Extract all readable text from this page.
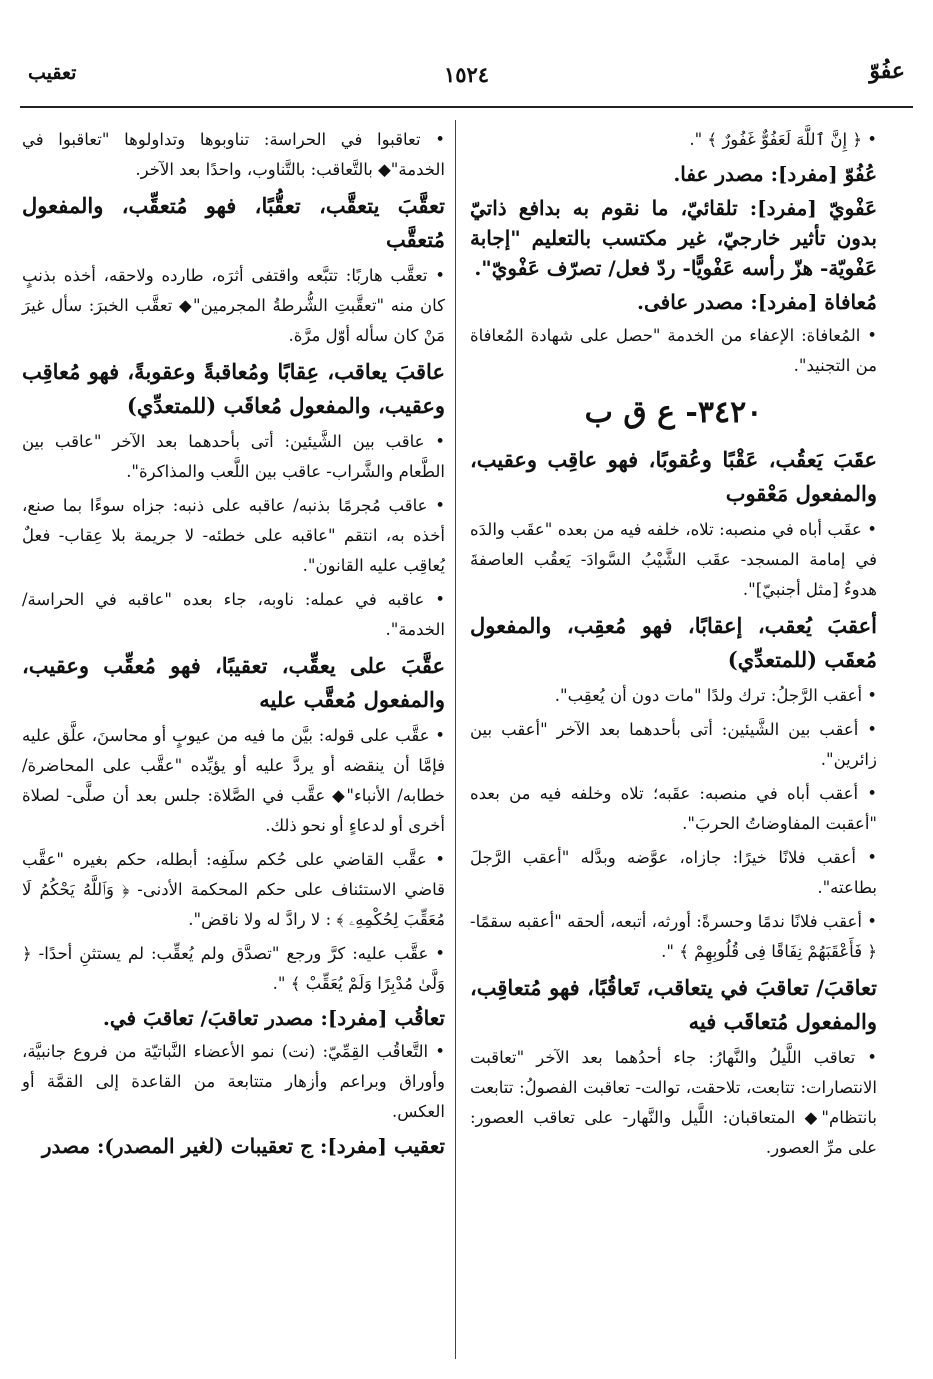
عفُوّ
١٥٢٤
تعقيب

• ﴿ إِنَّ ٱللَّهَ لَعَفُوٌّ غَفُورٌ ﴾ ".

عُفُوّ [مفرد]: مصدر عفا.

عَفْويّ [مفرد]: تلقائيّ، ما نقوم به بدافع ذاتيّ بدون تأثير خارجيّ، غير مكتسب بالتعليم "إجابة عَفْويّة- هزّ رأسه عَفْويًّا- ردّ فعل/ تصرّف عَفْويّ".

مُعافاة [مفرد]: مصدر عافى.

• المُعافاة: الإعفاء من الخدمة "حصل على شهادة المُعافاة من التجنيد".

٣٤٢٠- ع ق ب

عقَبَ يَعقُب، عَقْبًا وعُقوبًا، فهو عاقِب وعقيب، والمفعول مَعْقوب

• عقَب أباه في منصبه: تلاه، خلفه فيه من بعده "عقَب والدَه في إمامة المسجد- عقَب الشَّيْبُ السَّوادَ- يَعقُب العاصفةَ هدوءٌ [مثل أجنبيّ]".

أعقبَ يُعقب، إعقابًا، فهو مُعقِب، والمفعول مُعقَب (للمتعدِّي)

• أعقب الرَّجلُ: ترك ولدًا "مات دون أن يُعقِب".

• أعقب بين الشَّيئين: أتى بأحدهما بعد الآخر "أعقب بين زائرين".

• أعقب أباه في منصبه: عقَبه؛ تلاه وخلفه فيه من بعده "أعقبت المفاوضاتُ الحربَ".

• أعقب فلانًا خيرًا: جازاه، عوَّضه وبدَّله "أعقب الرَّجلَ بطاعته".

• أعقب فلانًا ندمًا وحسرةً: أورثه، أتبعه، ألحقه "أعقبه سقمًا- ﴿ فَأَعْقَبَهُمْ نِفَاقًا فِى قُلُوبِهِمْ ﴾ ".

تعاقبَ/ تعاقبَ في يتعاقب، تَعاقُبًا، فهو مُتعاقِب، والمفعول مُتعاقَب فيه

• تعاقب اللَّيلُ والنَّهارُ: جاء أحدُهما بعد الآخر "تعاقبت الانتصارات: تتابعت، تلاحقت، توالت- تعاقبت الفصولُ: تتابعت بانتظام"◆ المتعاقبان: اللَّيل والنَّهار- على تعاقب العصور: على مرِّ العصور.

• تعاقبوا في الحراسة: تناوبوها وتداولوها "تعاقبوا في الخدمة"◆ بالتَّعاقب: بالتَّناوب، واحدًا بعد الآخر.

تعقَّبَ يتعقَّب، تعقُّبًا، فهو مُتعقِّب، والمفعول مُتعقَّب

• تعقَّب هاربًا: تتبَّعه واقتفى أثرَه، طارده ولاحقه، أخذه بذنبٍ كان منه "تعقَّبتِ الشُّرطةُ المجرمين"◆ تعقَّب الخبرَ: سأل غيرَ مَنْ كان سأله أوّل مرَّة.

عاقبَ يعاقب، عِقابًا ومُعاقبةً وعقوبةً، فهو مُعاقِب وعقيب، والمفعول مُعاقَب (للمتعدِّي)

• عاقب بين الشَّيئين: أتى بأحدهما بعد الآخر "عاقب بين الطَّعام والشَّراب- عاقب بين اللَّعب والمذاكرة".

• عاقب مُجرمًا بذنبه/ عاقبه على ذنبه: جزاه سوءًا بما صنع، أخذه به، انتقم "عاقبه على خطئه- لا جريمة بلا عِقاب- فعلٌ يُعاقِب عليه القانون".

• عاقبه في عمله: ناوبه، جاء بعده "عاقبه في الحراسة/ الخدمة".

عقَّبَ على يعقِّب، تعقيبًا، فهو مُعقِّب وعقيب، والمفعول مُعقَّب عليه

• عقَّب على قوله: بيَّن ما فيه من عيوبٍ أو محاسنَ، علَّق عليه فإمَّا أن ينقضه أو يردَّ عليه أو يؤيِّده "عقَّب على المحاضرة/ خطابه/ الأنباء"◆ عقَّب في الصَّلاة: جلس بعد أن صلَّى- لصلاة أخرى أو لدعاءٍ أو نحو ذلك.

• عقَّب القاضي على حُكم سلَفِه: أبطله، حكم بغيره "عقَّب قاضي الاستئناف على حكم المحكمة الأدنى- ﴿ وَٱللَّهُ يَحْكُمُ لَا مُعَقِّبَ لِحُكْمِهِۦ ﴾ : لا رادَّ له ولا ناقض".

• عقَّب عليه: كرَّ ورجع "تصدَّق ولم يُعقِّب: لم يستثنِ أحدًا- ﴿ وَلَّىٰ مُدْبِرًا وَلَمْ يُعَقِّبْ ﴾ ".

تعاقُب [مفرد]: مصدر تعاقبَ/ تعاقبَ في.

• التَّعاقُب القِمِّيّ: (نت) نمو الأعضاء النَّباتيّة من فروع جانبيَّة، وأوراق وبراعم وأزهار متتابعة من القاعدة إلى القمَّة أو العكس.

تعقيب [مفرد]: ج تعقيبات (لغير المصدر): مصدر
